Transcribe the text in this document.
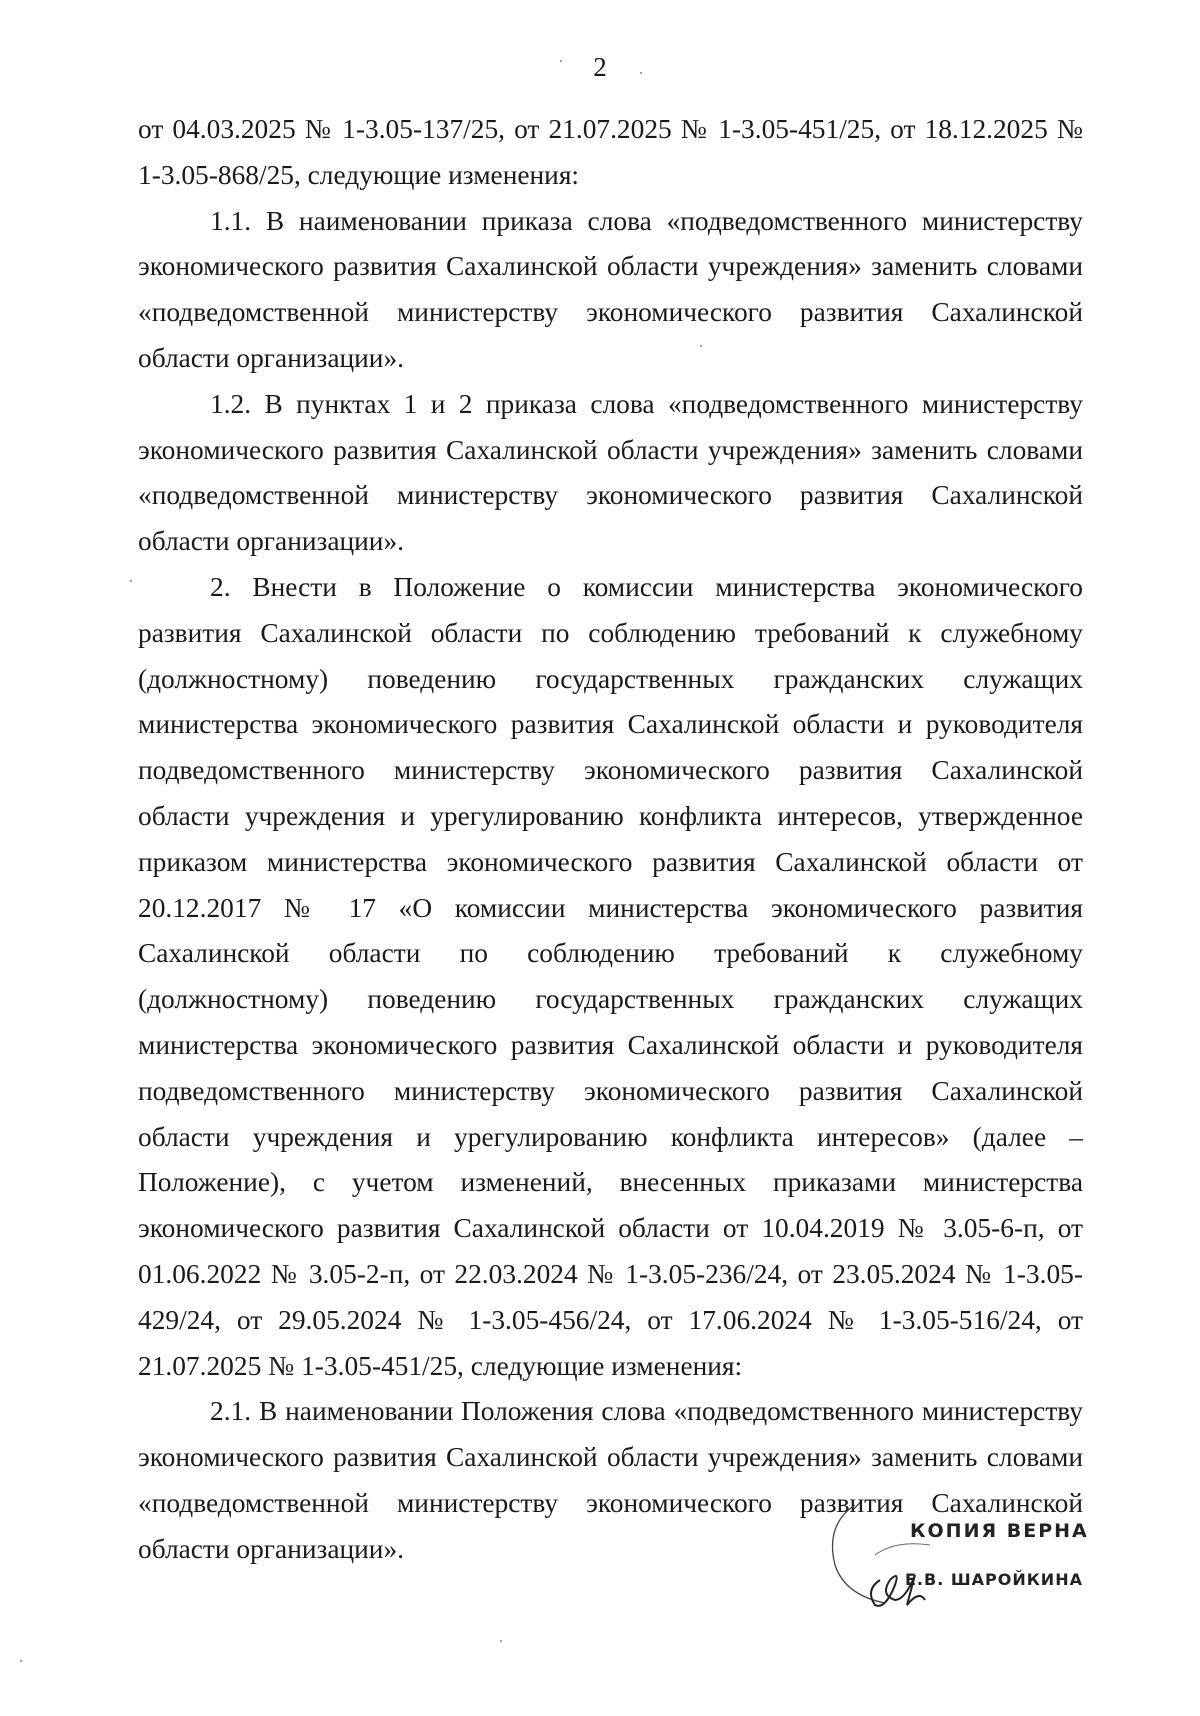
2

от 04.03.2025 № 1-3.05-137/25, от 21.07.2025 № 1-3.05-451/25, от 18.12.2025 № 1-3.05-868/25, следующие изменения:

1.1. В наименовании приказа слова «подведомственного министерству экономического развития Сахалинской области учреждения» заменить словами «подведомственной министерству экономического развития Сахалинской области организации».

1.2. В пунктах 1 и 2 приказа слова «подведомственного министерству экономического развития Сахалинской области учреждения» заменить словами «подведомственной министерству экономического развития Сахалинской области организации».

2. Внести в Положение о комиссии министерства экономического развития Сахалинской области по соблюдению требований к служебному (должностному) поведению государственных гражданских служащих министерства экономического развития Сахалинской области и руководителя подведомственного министерству экономического развития Сахалинской области учреждения и урегулированию конфликта интересов, утвержденное приказом министерства экономического развития Сахалинской области от 20.12.2017 № 17 «О комиссии министерства экономического развития Сахалинской области по соблюдению требований к служебному (должностному) поведению государственных гражданских служащих министерства экономического развития Сахалинской области и руководителя подведомственного министерству экономического развития Сахалинской области учреждения и урегулированию конфликта интересов» (далее – Положение), с учетом изменений, внесенных приказами министерства экономического развития Сахалинской области от 10.04.2019 № 3.05-6-п, от 01.06.2022 № 3.05-2-п, от 22.03.2024 № 1-3.05-236/24, от 23.05.2024 № 1-3.05-429/24, от 29.05.2024 № 1-3.05-456/24, от 17.06.2024 № 1-3.05-516/24, от 21.07.2025 № 1-3.05-451/25, следующие изменения:

2.1. В наименовании Положения слова «подведомственного министерству экономического развития Сахалинской области учреждения» заменить словами «подведомственной министерству экономического развития Сахалинской области организации».

КОПИЯ ВЕРНА
Е.В. ШАРОЙКИНА
